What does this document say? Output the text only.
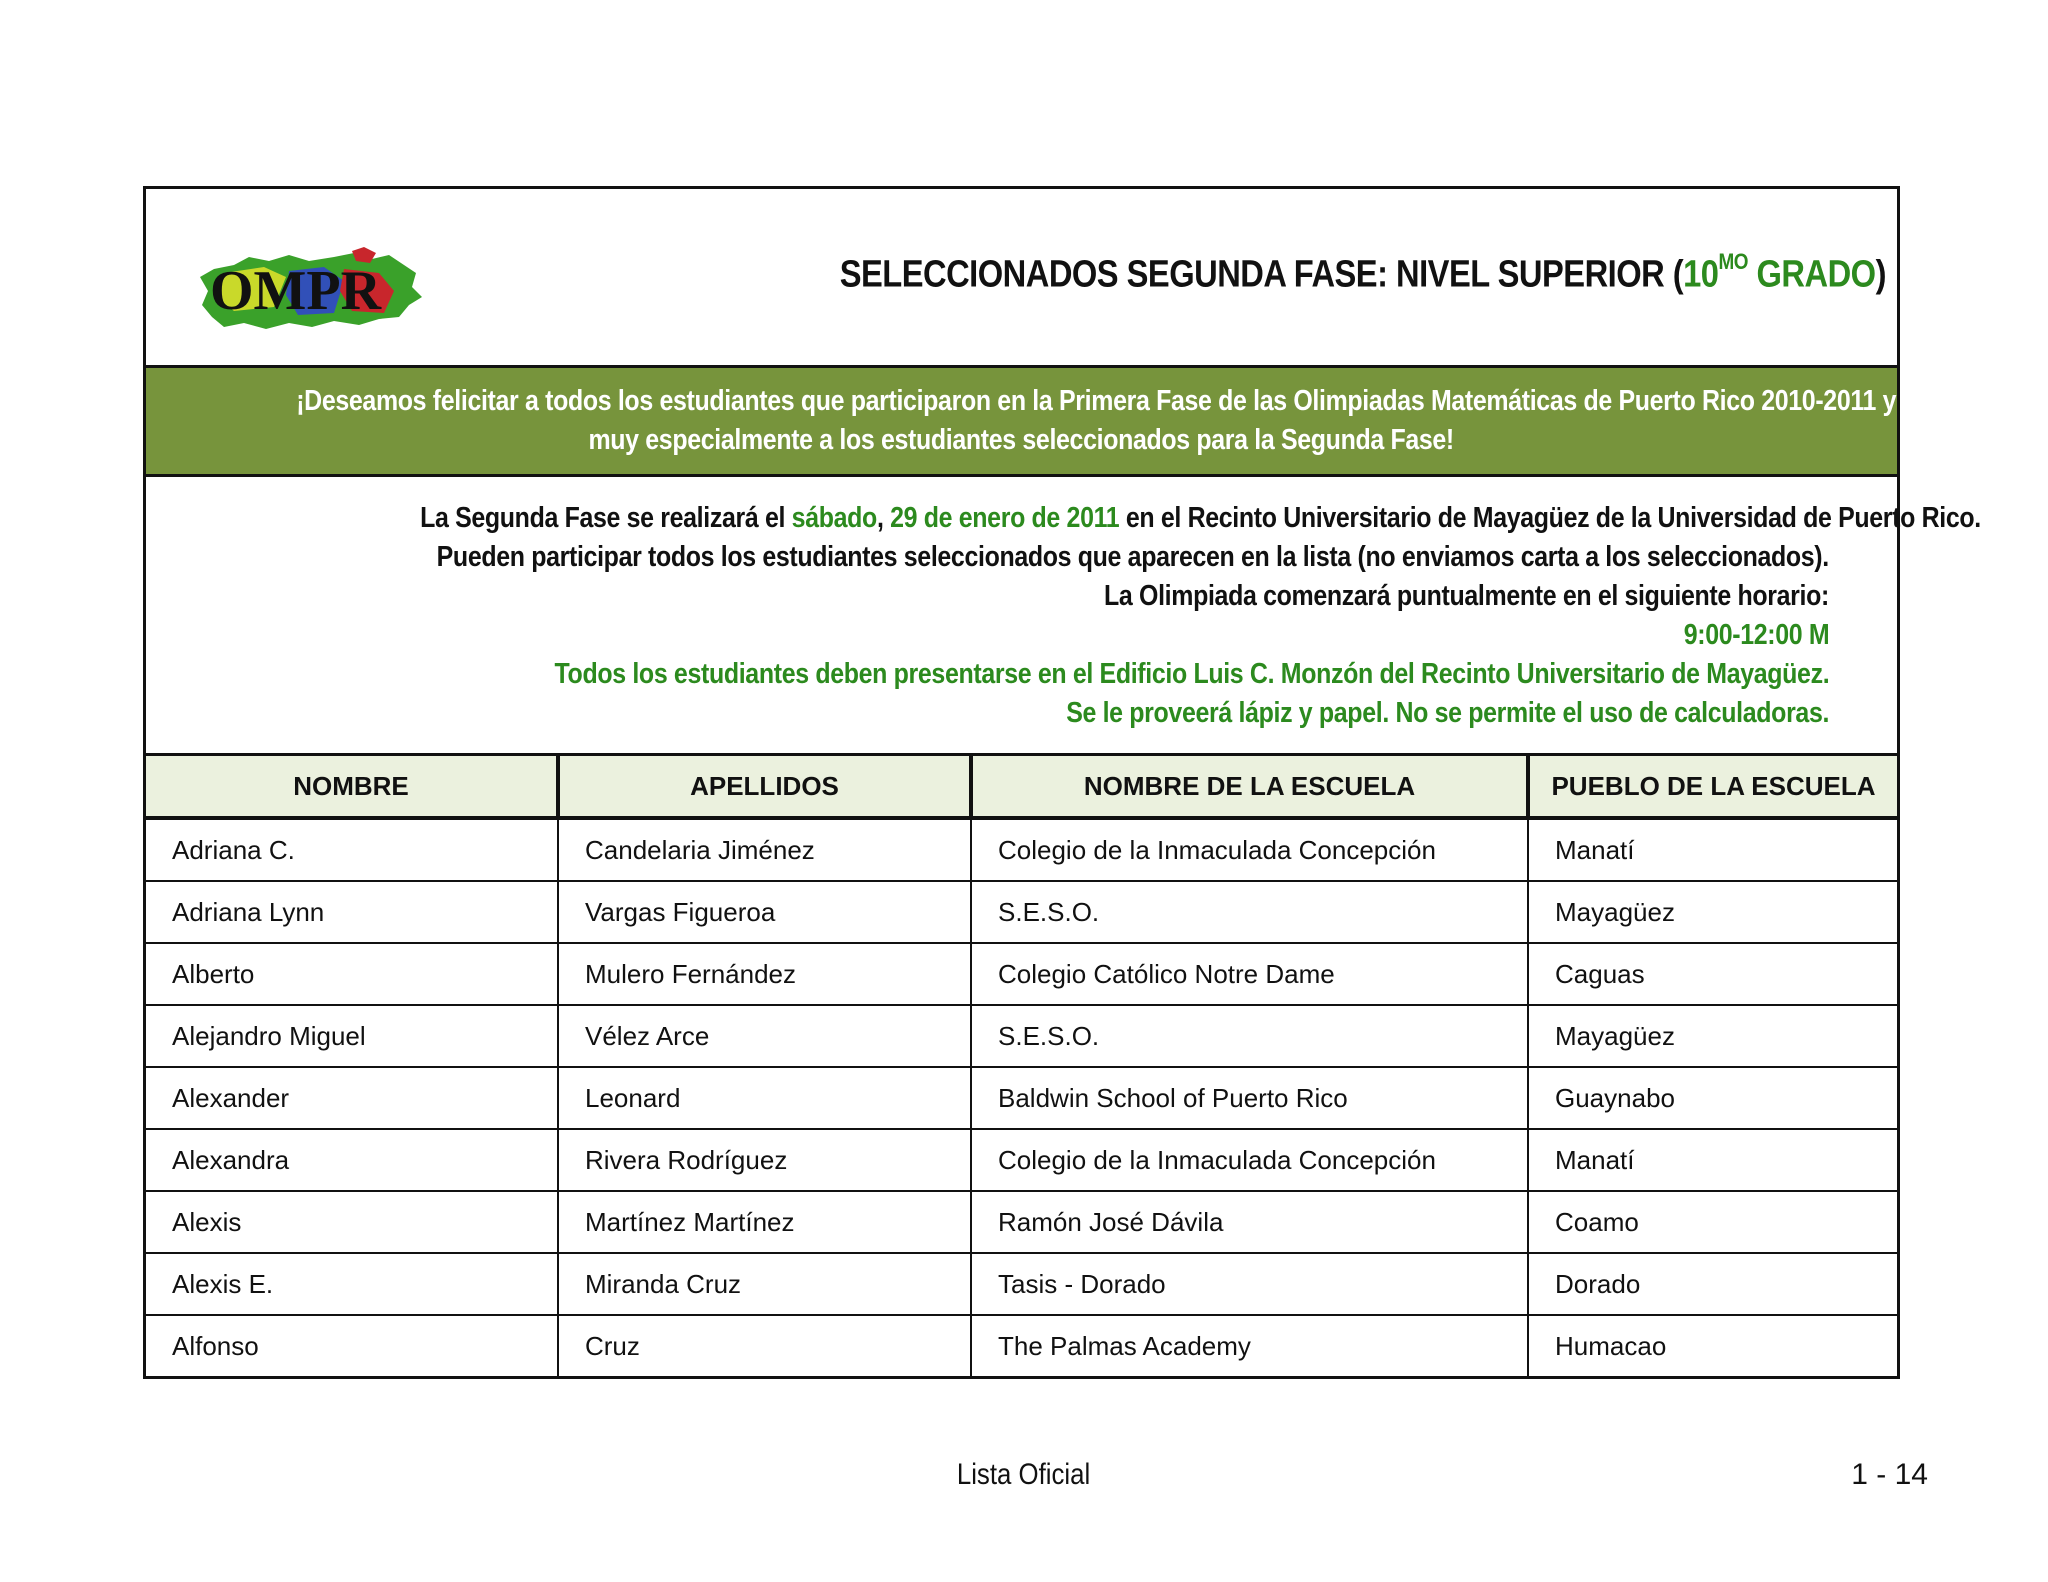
OMPR	SELECCIONADOS SEGUNDA FASE: NIVEL SUPERIOR ($10^{MO}$ GRADO)
¡Deseamos felicitar a todos los estudiantes que participaron en la Primera Fase de las Olimpiadas Matemáticas de Puerto Rico 2010-2011 y
muy especialmente a los estudiantes seleccionados para la Segunda Fase!
La Segunda Fase se realizará el sábado, 29 de enero de 2011 en el Recinto Universitario de Mayagüez de la Universidad de Puerto Rico.
Pueden participar todos los estudiantes seleccionados que aparecen en la lista (no enviamos carta a los seleccionados).
La Olimpiada comenzará puntualmente en el siguiente horario:
9:00-12:00 M
Todos los estudiantes deben presentarse en el Edificio Luis C. Monzón del Recinto Universitario de Mayagüez.
Se le proveerá lápiz y papel. No se permite el uso de calculadoras.
NOMBRE	APELLIDOS	NOMBRE DE LA ESCUELA	PUEBLO DE LA ESCUELA
Adriana C.	Candelaria Jiménez	Colegio de la Inmaculada Concepción	Manatí
Adriana Lynn	Vargas Figueroa	S.E.S.O.	Mayagüez
Alberto	Mulero Fernández	Colegio Católico Notre Dame	Caguas
Alejandro Miguel	Vélez Arce	S.E.S.O.	Mayagüez
Alexander	Leonard	Baldwin School of Puerto Rico	Guaynabo
Alexandra	Rivera Rodríguez	Colegio de la Inmaculada Concepción	Manatí
Alexis	Martínez Martínez	Ramón José Dávila	Coamo
Alexis E.	Miranda Cruz	Tasis - Dorado	Dorado
Alfonso	Cruz	The Palmas Academy	Humacao
Lista Oficial	1 - 14
